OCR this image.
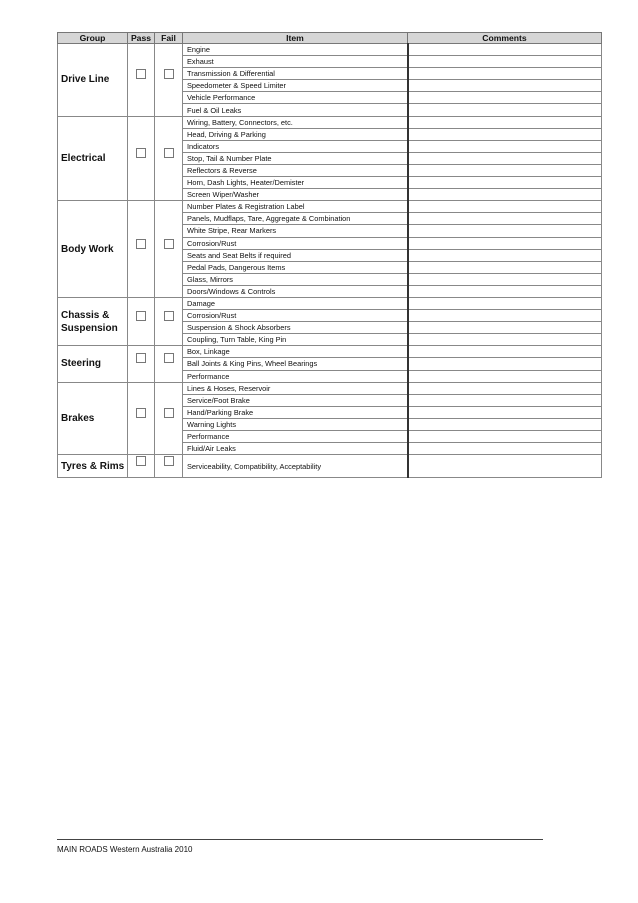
Group	Pass	Fail	Item	Comments
Drive Line			Engine	
			Exhaust	
			Transmission & Differential	
			Speedometer & Speed Limiter	
			Vehicle Performance	
			Fuel & Oil Leaks	
Electrical			Wiring, Battery, Connectors, etc.	
			Head, Driving & Parking	
			Indicators	
			Stop, Tail & Number Plate	
			Reflectors & Reverse	
			Horn, Dash Lights, Heater/Demister	
			Screen Wiper/Washer	
Body Work			Number Plates & Registration Label	
			Panels, Mudflaps, Tare, Aggregate & Combination	
			White Stripe, Rear Markers	
			Corrosion/Rust	
			Seats and Seat Belts if required	
			Pedal Pads, Dangerous Items	
			Glass, Mirrors	
			Doors/Windows & Controls	
Chassis & Suspension			Damage	
			Corrosion/Rust	
			Suspension & Shock Absorbers	
			Coupling, Turn Table, King Pin	
Steering			Box, Linkage	
			Ball Joints & King Pins, Wheel Bearings	
			Performance	
Brakes			Lines & Hoses, Reservoir	
			Service/Foot Brake	
			Hand/Parking Brake	
			Warning Lights	
			Performance	
			Fluid/Air Leaks	
Tyres & Rims			Serviceability, Compatibility, Acceptability	
MAIN ROADS Western Australia 2010
